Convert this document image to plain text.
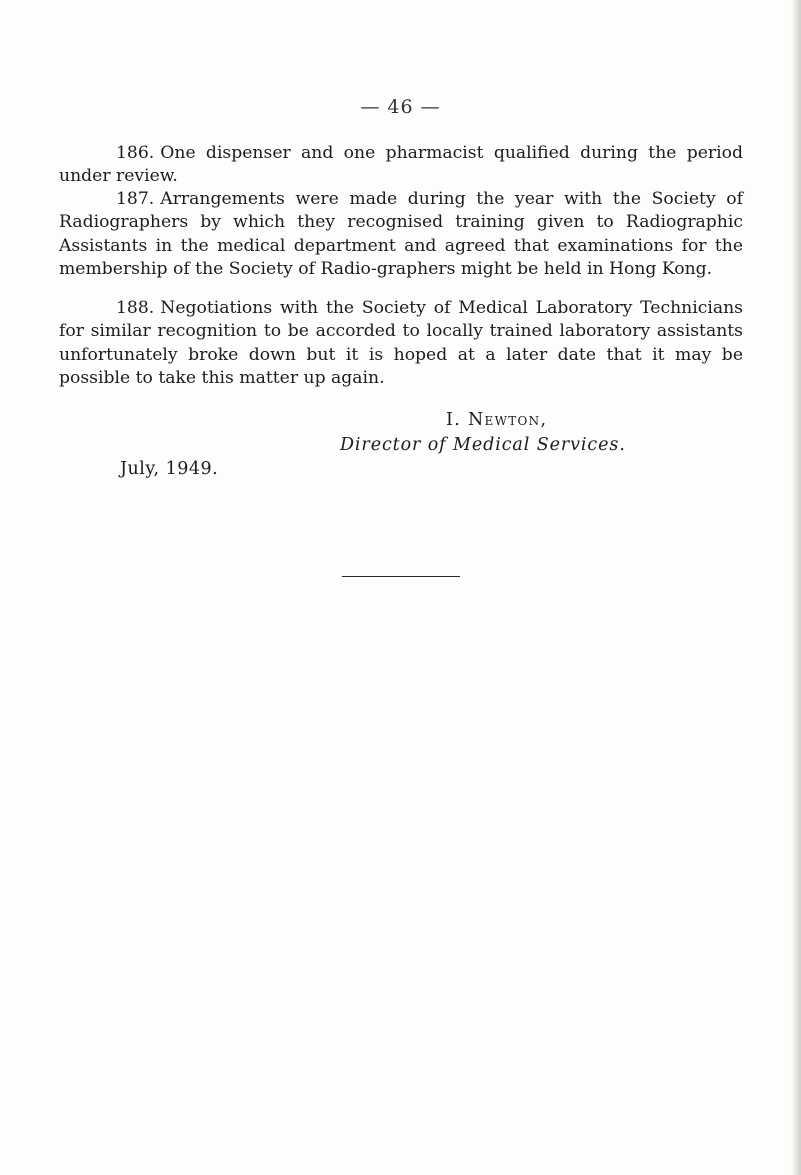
— 46 —

186. One dispenser and one pharmacist qualified during the period under review.

187. Arrangements were made during the year with the Society of Radiographers by which they recognised training given to Radiographic Assistants in the medical department and agreed that examinations for the membership of the Society of Radio-graphers might be held in Hong Kong.

188. Negotiations with the Society of Medical Laboratory Technicians for similar recognition to be accorded to locally trained laboratory assistants unfortunately broke down but it is hoped at a later date that it may be possible to take this matter up again.

I. Newton,
Director of Medical Services.
July, 1949.
